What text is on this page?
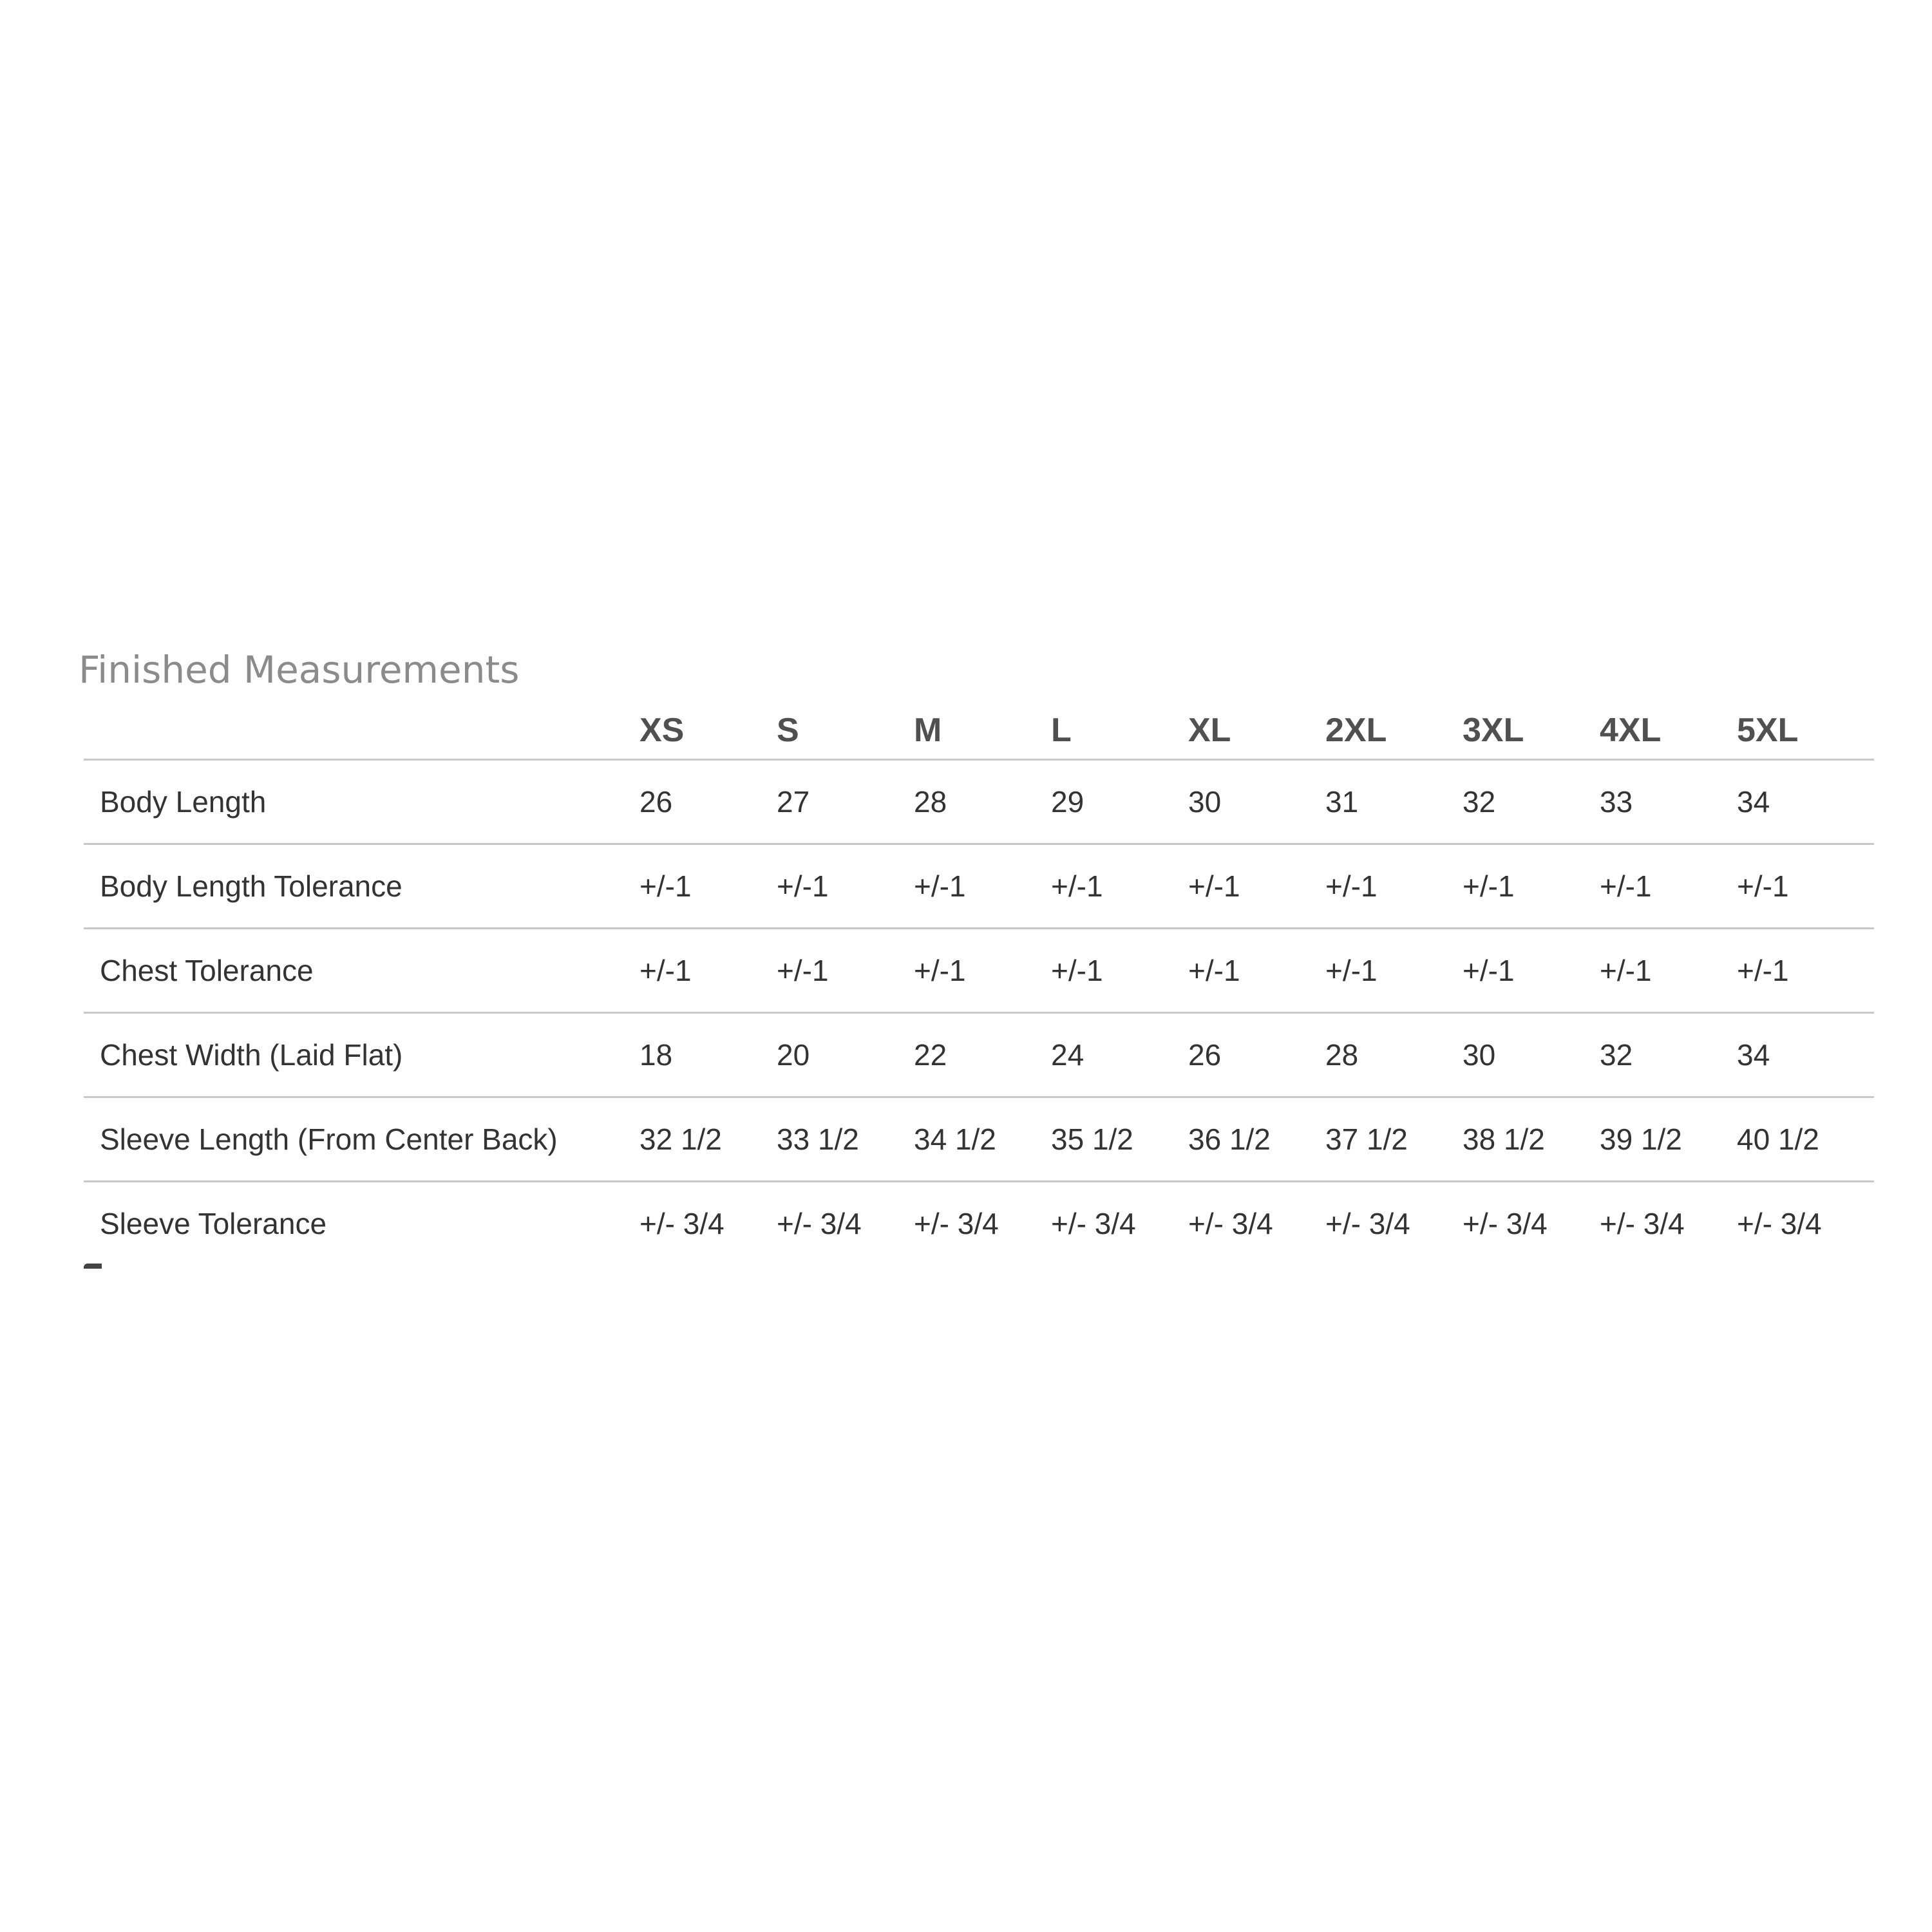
Finished Measurements
	XS	S	M	L	XL	2XL	3XL	4XL	5XL
Body Length	26	27	28	29	30	31	32	33	34
Body Length Tolerance	+/-1	+/-1	+/-1	+/-1	+/-1	+/-1	+/-1	+/-1	+/-1
Chest Tolerance	+/-1	+/-1	+/-1	+/-1	+/-1	+/-1	+/-1	+/-1	+/-1
Chest Width (Laid Flat)	18	20	22	24	26	28	30	32	34
Sleeve Length (From Center Back)	32 1/2	33 1/2	34 1/2	35 1/2	36 1/2	37 1/2	38 1/2	39 1/2	40 1/2
Sleeve Tolerance	+/- 3/4	+/- 3/4	+/- 3/4	+/- 3/4	+/- 3/4	+/- 3/4	+/- 3/4	+/- 3/4	+/- 3/4
